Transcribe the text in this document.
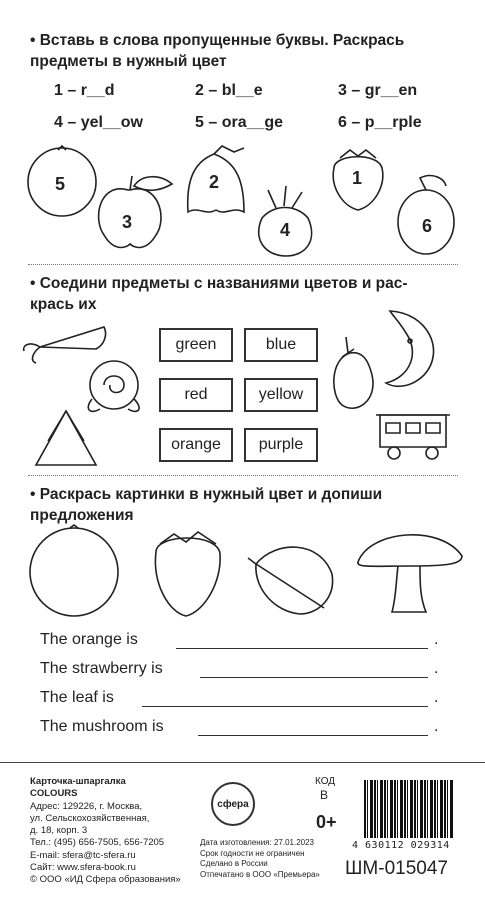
• Вставь в слова пропущенные буквы. Раскрась
предметы в нужный цвет
1 – r__d	2 – bl__e	3 – gr__en
4 – yel__ow	5 – ora__ge	6 – p__rple
5
3
2
4
1
6
• Соедини предметы с названиями цветов и рас-
крась их
green	blue
red	yellow
orange	purple
• Раскрась картинки в нужный цвет и допиши
предложения
The orange is	.
The strawberry is	.
The leaf is	.
The mushroom is	.
Карточка-шпаргалка
COLOURS
Адрес: 129226, г. Москва,
ул. Сельскохозяйственная,
д. 18, корп. 3
Тел.: (495) 656-7505, 656-7205
E-mail: sfera@tc-sfera.ru
Сайт: www.sfera-book.ru
© ООО «ИД Сфера образования»
сфера
Дата изготовления: 27.01.2023
Срок годности не ограничен
Сделано в России
Отпечатано в ООО «Премьера»
КОД
В
0+
4 630112 029314
ШМ-015047
